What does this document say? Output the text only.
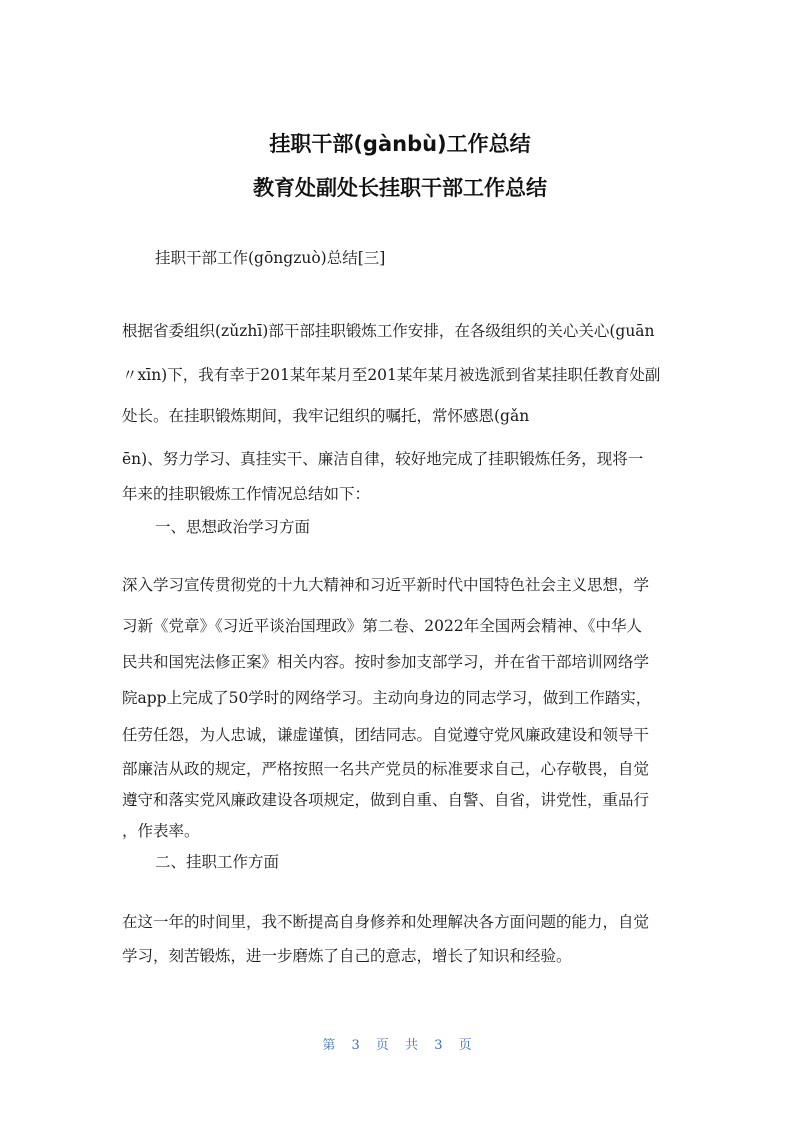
挂职干部(gànbù)工作总结
教育处副处长挂职干部工作总结
挂职干部工作(gōngzuò)总结[三]
根据省委组织(zǔzhī)部干部挂职锻炼工作安排，在各级组织的关心关心(guān
〃xīn)下，我有幸于201某年某月至201某年某月被选派到省某挂职任教育处副
处长。在挂职锻炼期间，我牢记组织的嘱托，常怀感恩(gǎn
ēn)、努力学习、真挂实干、廉洁自律，较好地完成了挂职锻炼任务，现将一
年来的挂职锻炼工作情况总结如下：
一、思想政治学习方面
深入学习宣传贯彻党的十九大精神和习近平新时代中国特色社会主义思想，学
习新《党章》《习近平谈治国理政》第二卷、2022年全国两会精神、《中华人
民共和国宪法修正案》相关内容。按时参加支部学习，并在省干部培训网络学
院app上完成了50学时的网络学习。主动向身边的同志学习，做到工作踏实，
任劳任怨，为人忠诚，谦虚谨慎，团结同志。自觉遵守党风廉政建设和领导干
部廉洁从政的规定，严格按照一名共产党员的标准要求自己，心存敬畏，自觉
遵守和落实党风廉政建设各项规定，做到自重、自警、自省，讲党性，重品行
，作表率。
二、挂职工作方面
在这一年的时间里，我不断提高自身修养和处理解决各方面问题的能力，自觉
学习，刻苦锻炼，进一步磨炼了自己的意志，增长了知识和经验。
第 3 页 共 3 页
